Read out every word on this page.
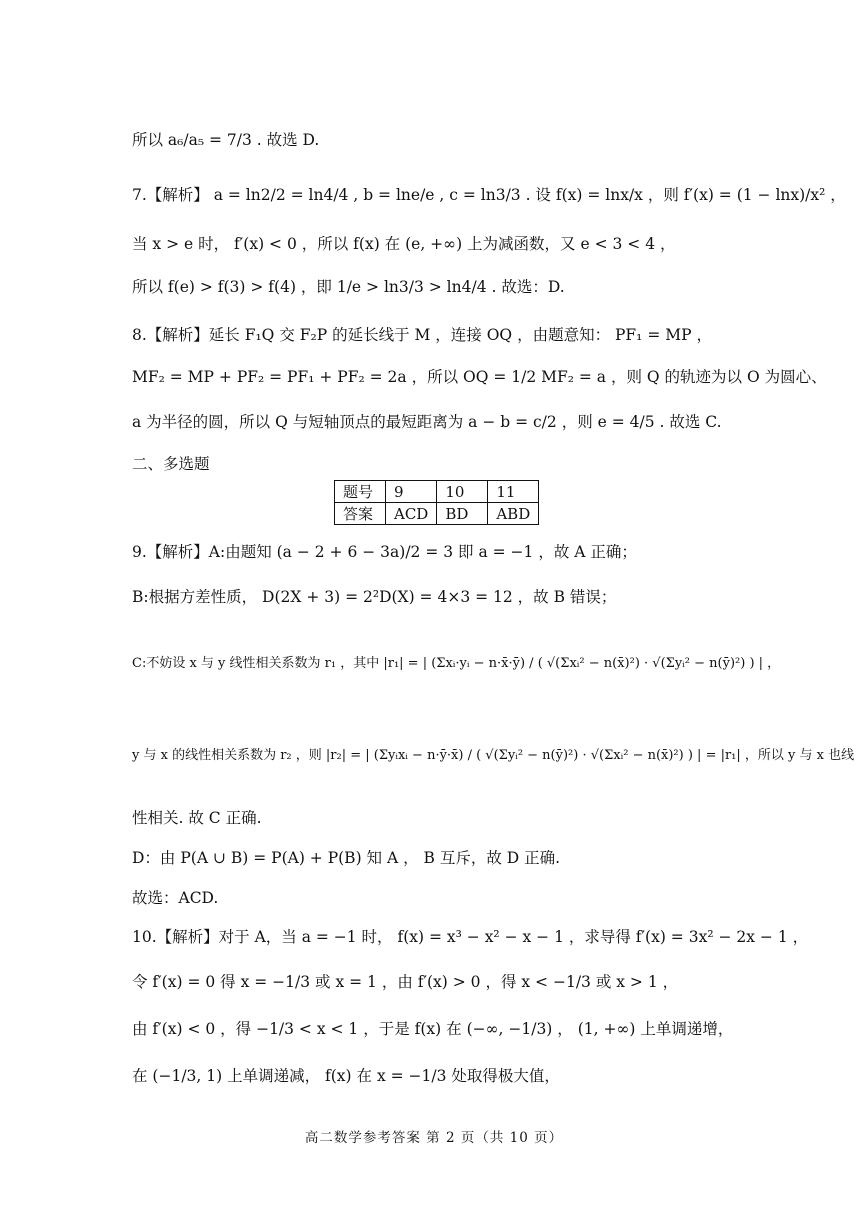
所以 a₆/a₅ = 7/3 . 故选 D.
7.【解析】 a = ln2/2 = ln4/4 , b = lne/e , c = ln3/3 . 设 f(x) = lnx/x ，则 f′(x) = (1 − lnx)/x² ，
当 x > e 时， f′(x) < 0 ，所以 f(x) 在 (e, +∞) 上为减函数，又 e < 3 < 4 ，
所以 f(e) > f(3) > f(4) ，即 1/e > ln3/3 > ln4/4 . 故选：D.
8.【解析】延长 F₁Q 交 F₂P 的延长线于 M ，连接 OQ ，由题意知： PF₁ = MP ，
MF₂ = MP + PF₂ = PF₁ + PF₂ = 2a ，所以 OQ = 1/2 MF₂ = a ，则 Q 的轨迹为以 O 为圆心、
a 为半径的圆，所以 Q 与短轴顶点的最短距离为 a − b = c/2 ，则 e = 4/5 . 故选 C.
二、多选题
题号	9	10	11
答案	ACD	BD	ABD
9.【解析】A:由题知 (a − 2 + 6 − 3a)/2 = 3 即 a = −1 ，故 A 正确；
B:根据方差性质， D(2X + 3) = 2²D(X) = 4×3 = 12 ，故 B 错误；
C:不妨设 x 与 y 线性相关系数为 r₁ ，其中 |r₁| = | (Σxᵢ·yᵢ − n·x̄·ȳ) / ( √(Σxᵢ² − n(x̄)²) · √(Σyᵢ² − n(ȳ)²) ) | ，
y 与 x 的线性相关系数为 r₂ ，则 |r₂| = | (Σyᵢxᵢ − n·ȳ·x̄) / ( √(Σyᵢ² − n(ȳ)²) · √(Σxᵢ² − n(x̄)²) ) | = |r₁| ，所以 y 与 x 也线
性相关. 故 C 正确.
D：由 P(A ∪ B) = P(A) + P(B) 知 A ， B 互斥，故 D 正确.
故选：ACD.
10.【解析】对于 A，当 a = −1 时， f(x) = x³ − x² − x − 1 ，求导得 f′(x) = 3x² − 2x − 1 ，
令 f′(x) = 0 得 x = −1/3 或 x = 1 ，由 f′(x) > 0 ，得 x < −1/3 或 x > 1 ，
由 f′(x) < 0 ，得 −1/3 < x < 1 ，于是 f(x) 在 (−∞, −1/3) ， (1, +∞) 上单调递增，
在 (−1/3, 1) 上单调递减， f(x) 在 x = −1/3 处取得极大值，
高二数学参考答案 第 2 页（共 10 页）
